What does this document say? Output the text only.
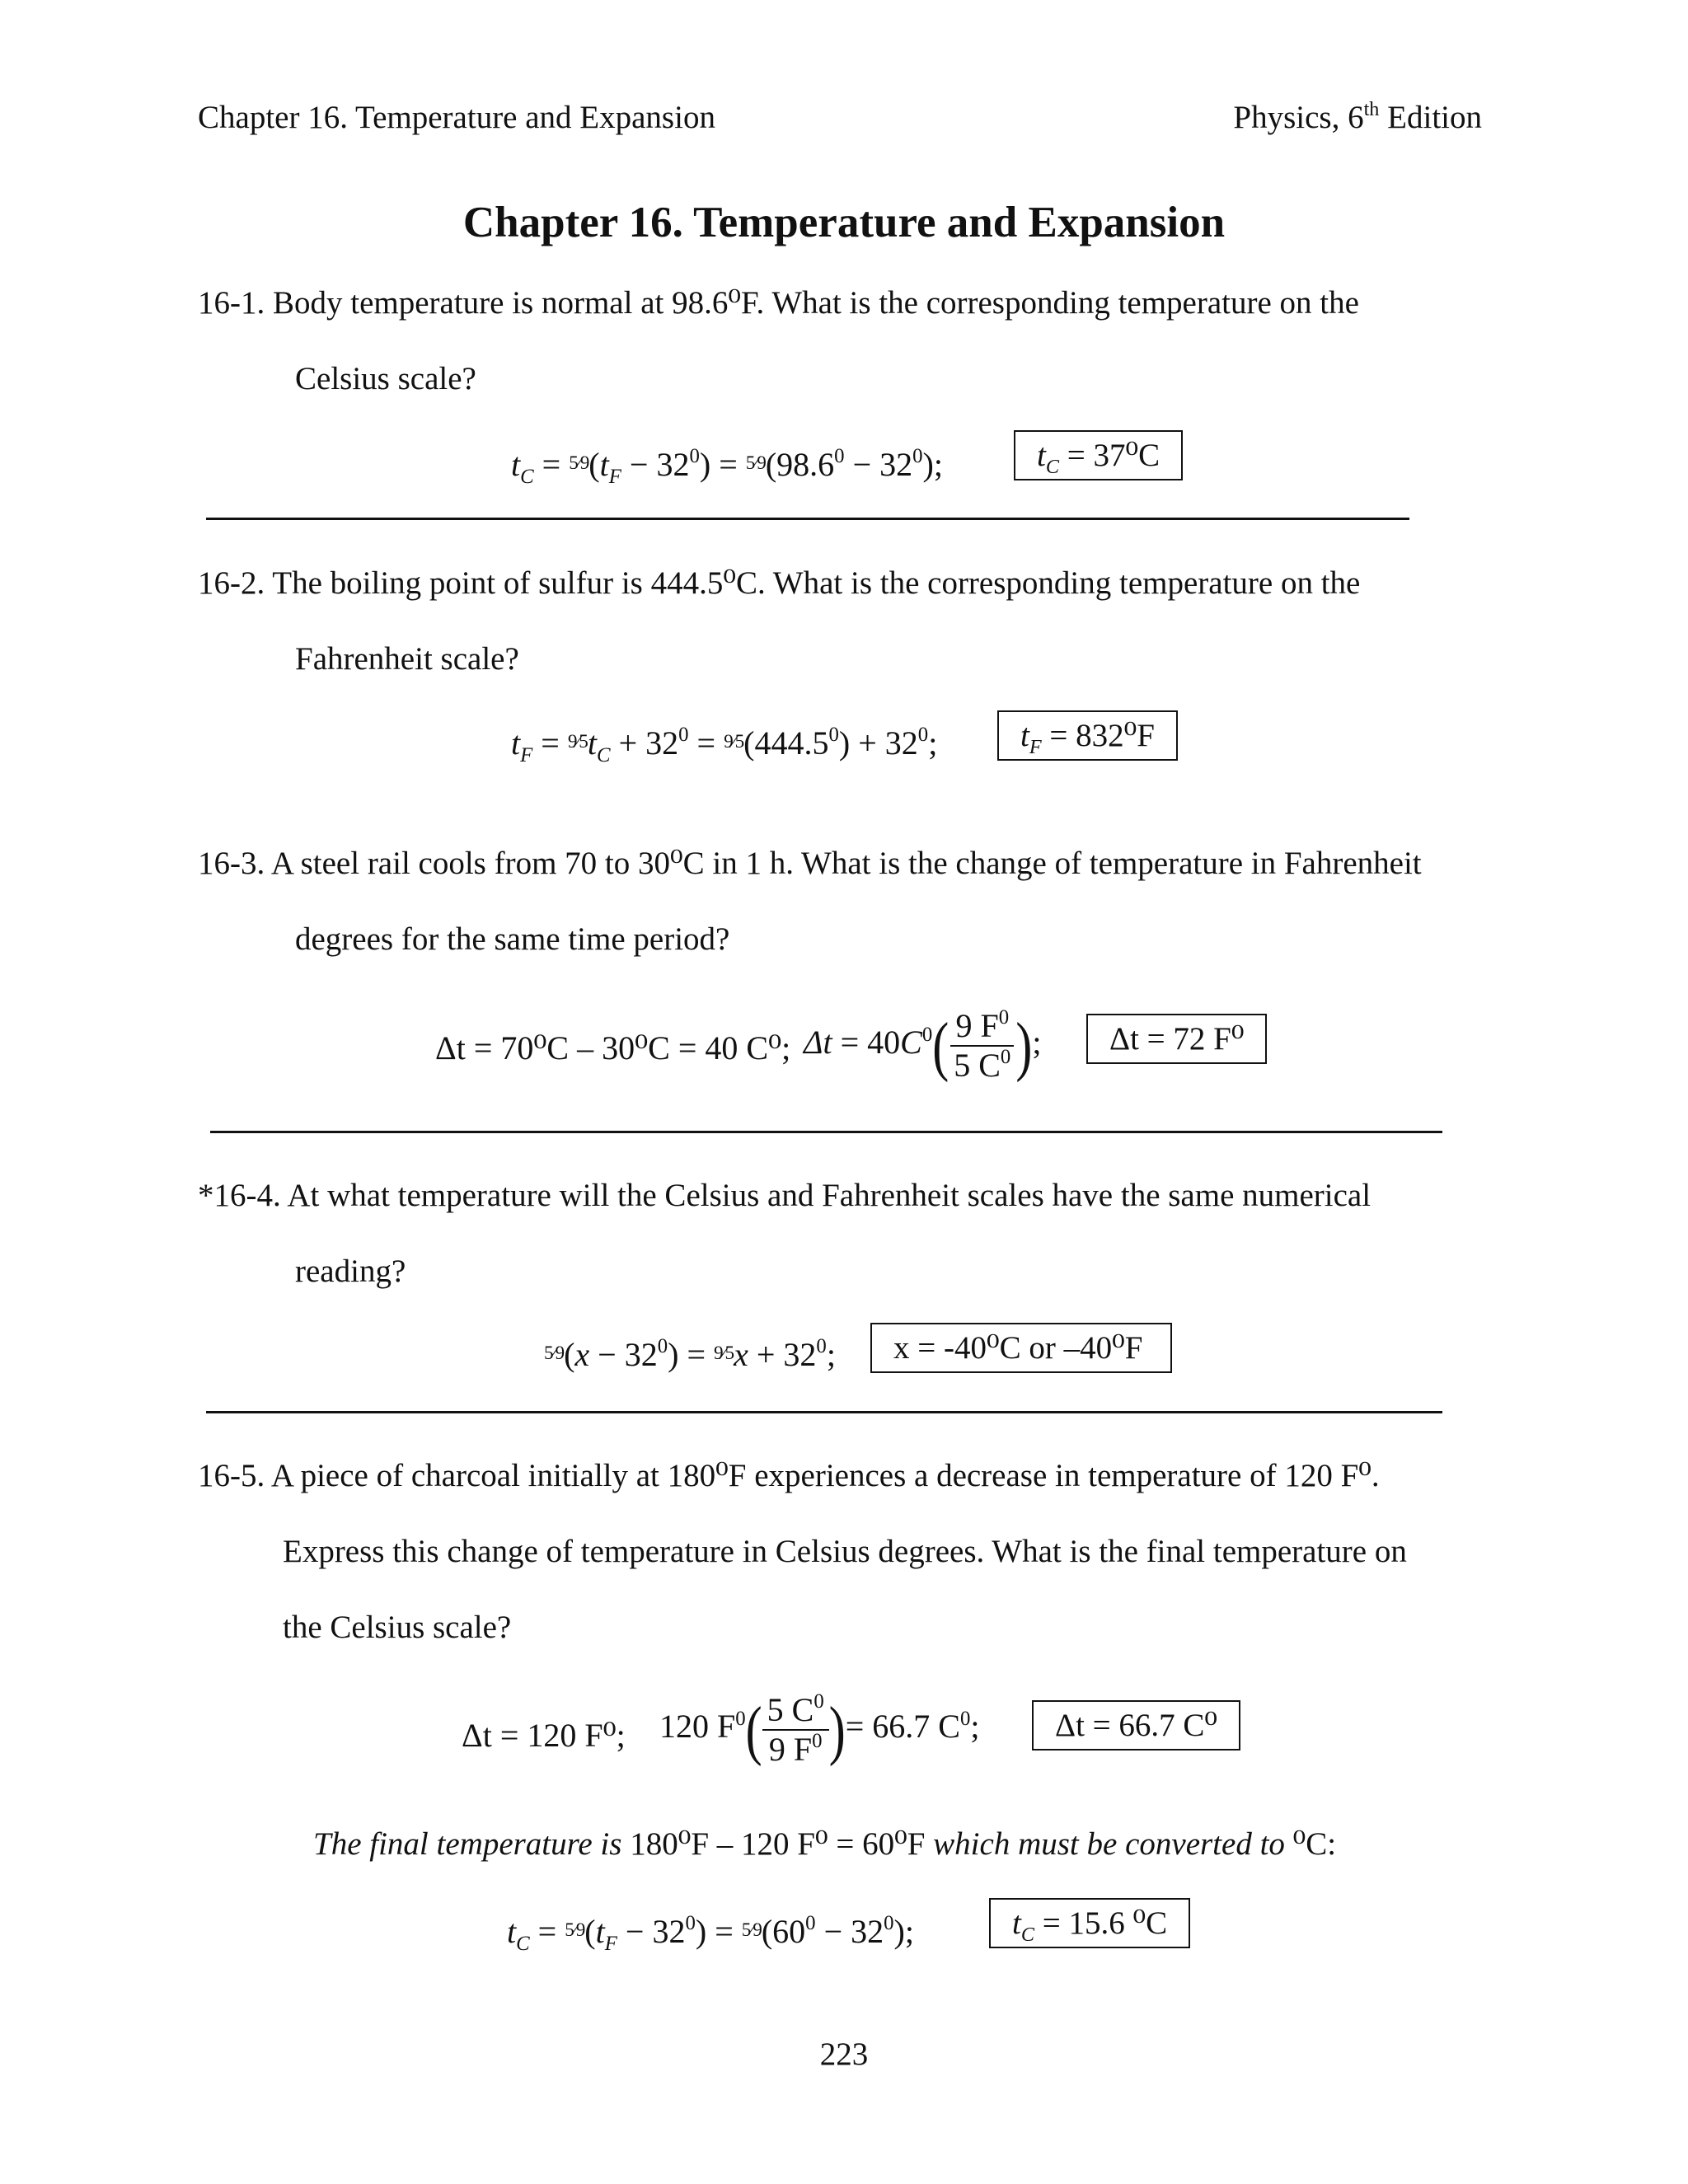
Chapter 16. Temperature and Expansion	Physics, 6th Edition
Chapter 16. Temperature and Expansion
16-1. Body temperature is normal at 98.6⁰F. What is the corresponding temperature on the
Celsius scale?
$t_C$ = $5⁄9(t_F - 32^0)$ = $5⁄9(98.6^0 - 32^0)$;	$t_C = 37^0C$
16-2. The boiling point of sulfur is 444.5⁰C. What is the corresponding temperature on the
Fahrenheit scale?
$t_F$ = $9⁄5t_C + 32^0$ = $9⁄5(444.5^0) + 32^0$;	$t_F = 832^0F$
16-3. A steel rail cools from 70 to 30⁰C in 1 h. What is the change of temperature in Fahrenheit
degrees for the same time period?
Δt = 70⁰C – 30⁰C = 40 C⁰; $\Delta t = 40C^0( \frac{9 F^0}{5 C^0}$ );	Δt = 72 F⁰
*16-4. At what temperature will the Celsius and Fahrenheit scales have the same numerical
reading?
5⁄9(x − $32^0$) = 9⁄5x + $32^0$;	x = -40⁰C or –40⁰F
16-5. A piece of charcoal initially at 180⁰F experiences a decrease in temperature of 120 F⁰.
Express this change of temperature in Celsius degrees. What is the final temperature on
the Celsius scale?
Δt = 120 F⁰; 120 $F^0( \frac{5 C^0}{9 F^0}$ )= 66.7 $C^0$;	Δt = 66.7 C⁰
The final temperature is 180⁰F – 120 F⁰ = 60⁰F which must be converted to ⁰C:
$t_C$ = $5⁄9(t_F - 32^0)$ = $5⁄9(60^0 - 32^0)$;	$t_C = 15.6$ ⁰C
223
